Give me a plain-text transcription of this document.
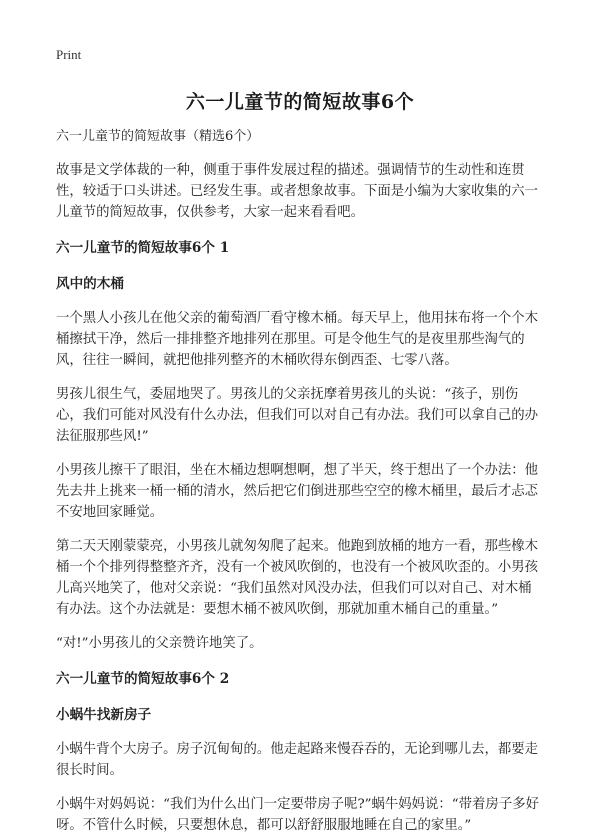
Print
六一儿童节的简短故事6个
六一儿童节的简短故事（精选6个）

故事是文学体裁的一种，侧重于事件发展过程的描述。强调情节的生动性和连贯性，较适于口头讲述。已经发生事。或者想象故事。下面是小编为大家收集的六一儿童节的简短故事，仅供参考，大家一起来看看吧。

六一儿童节的简短故事6个 1
风中的木桶

一个黑人小孩儿在他父亲的葡萄酒厂看守橡木桶。每天早上，他用抹布将一个个木桶擦拭干净，然后一排排整齐地排列在那里。可是令他生气的是夜里那些淘气的风，往往一瞬间，就把他排列整齐的木桶吹得东倒西歪、七零八落。

男孩儿很生气，委屈地哭了。男孩儿的父亲抚摩着男孩儿的头说：“孩子，别伤心，我们可能对风没有什么办法，但我们可以对自己有办法。我们可以拿自己的办法征服那些风!”

小男孩儿擦干了眼泪，坐在木桶边想啊想啊，想了半天，终于想出了一个办法：他先去井上挑来一桶一桶的清水，然后把它们倒进那些空空的橡木桶里，最后才忐忑不安地回家睡觉。

第二天天刚蒙蒙亮，小男孩儿就匆匆爬了起来。他跑到放桶的地方一看，那些橡木桶一个个排列得整整齐齐，没有一个被风吹倒的，也没有一个被风吹歪的。小男孩儿高兴地笑了，他对父亲说：“我们虽然对风没办法，但我们可以对自己、对木桶有办法。这个办法就是：要想木桶不被风吹倒，那就加重木桶自己的重量。”

“对!”小男孩儿的父亲赞许地笑了。

六一儿童节的简短故事6个 2
小蜗牛找新房子

小蜗牛背个大房子。房子沉甸甸的。他走起路来慢吞吞的，无论到哪儿去，都要走很长时间。

小蜗牛对妈妈说：“我们为什么出门一定要带房子呢?”蜗牛妈妈说：“带着房子多好呀。不管什么时候，只要想休息，都可以舒舒服服地睡在自己的家里。”
